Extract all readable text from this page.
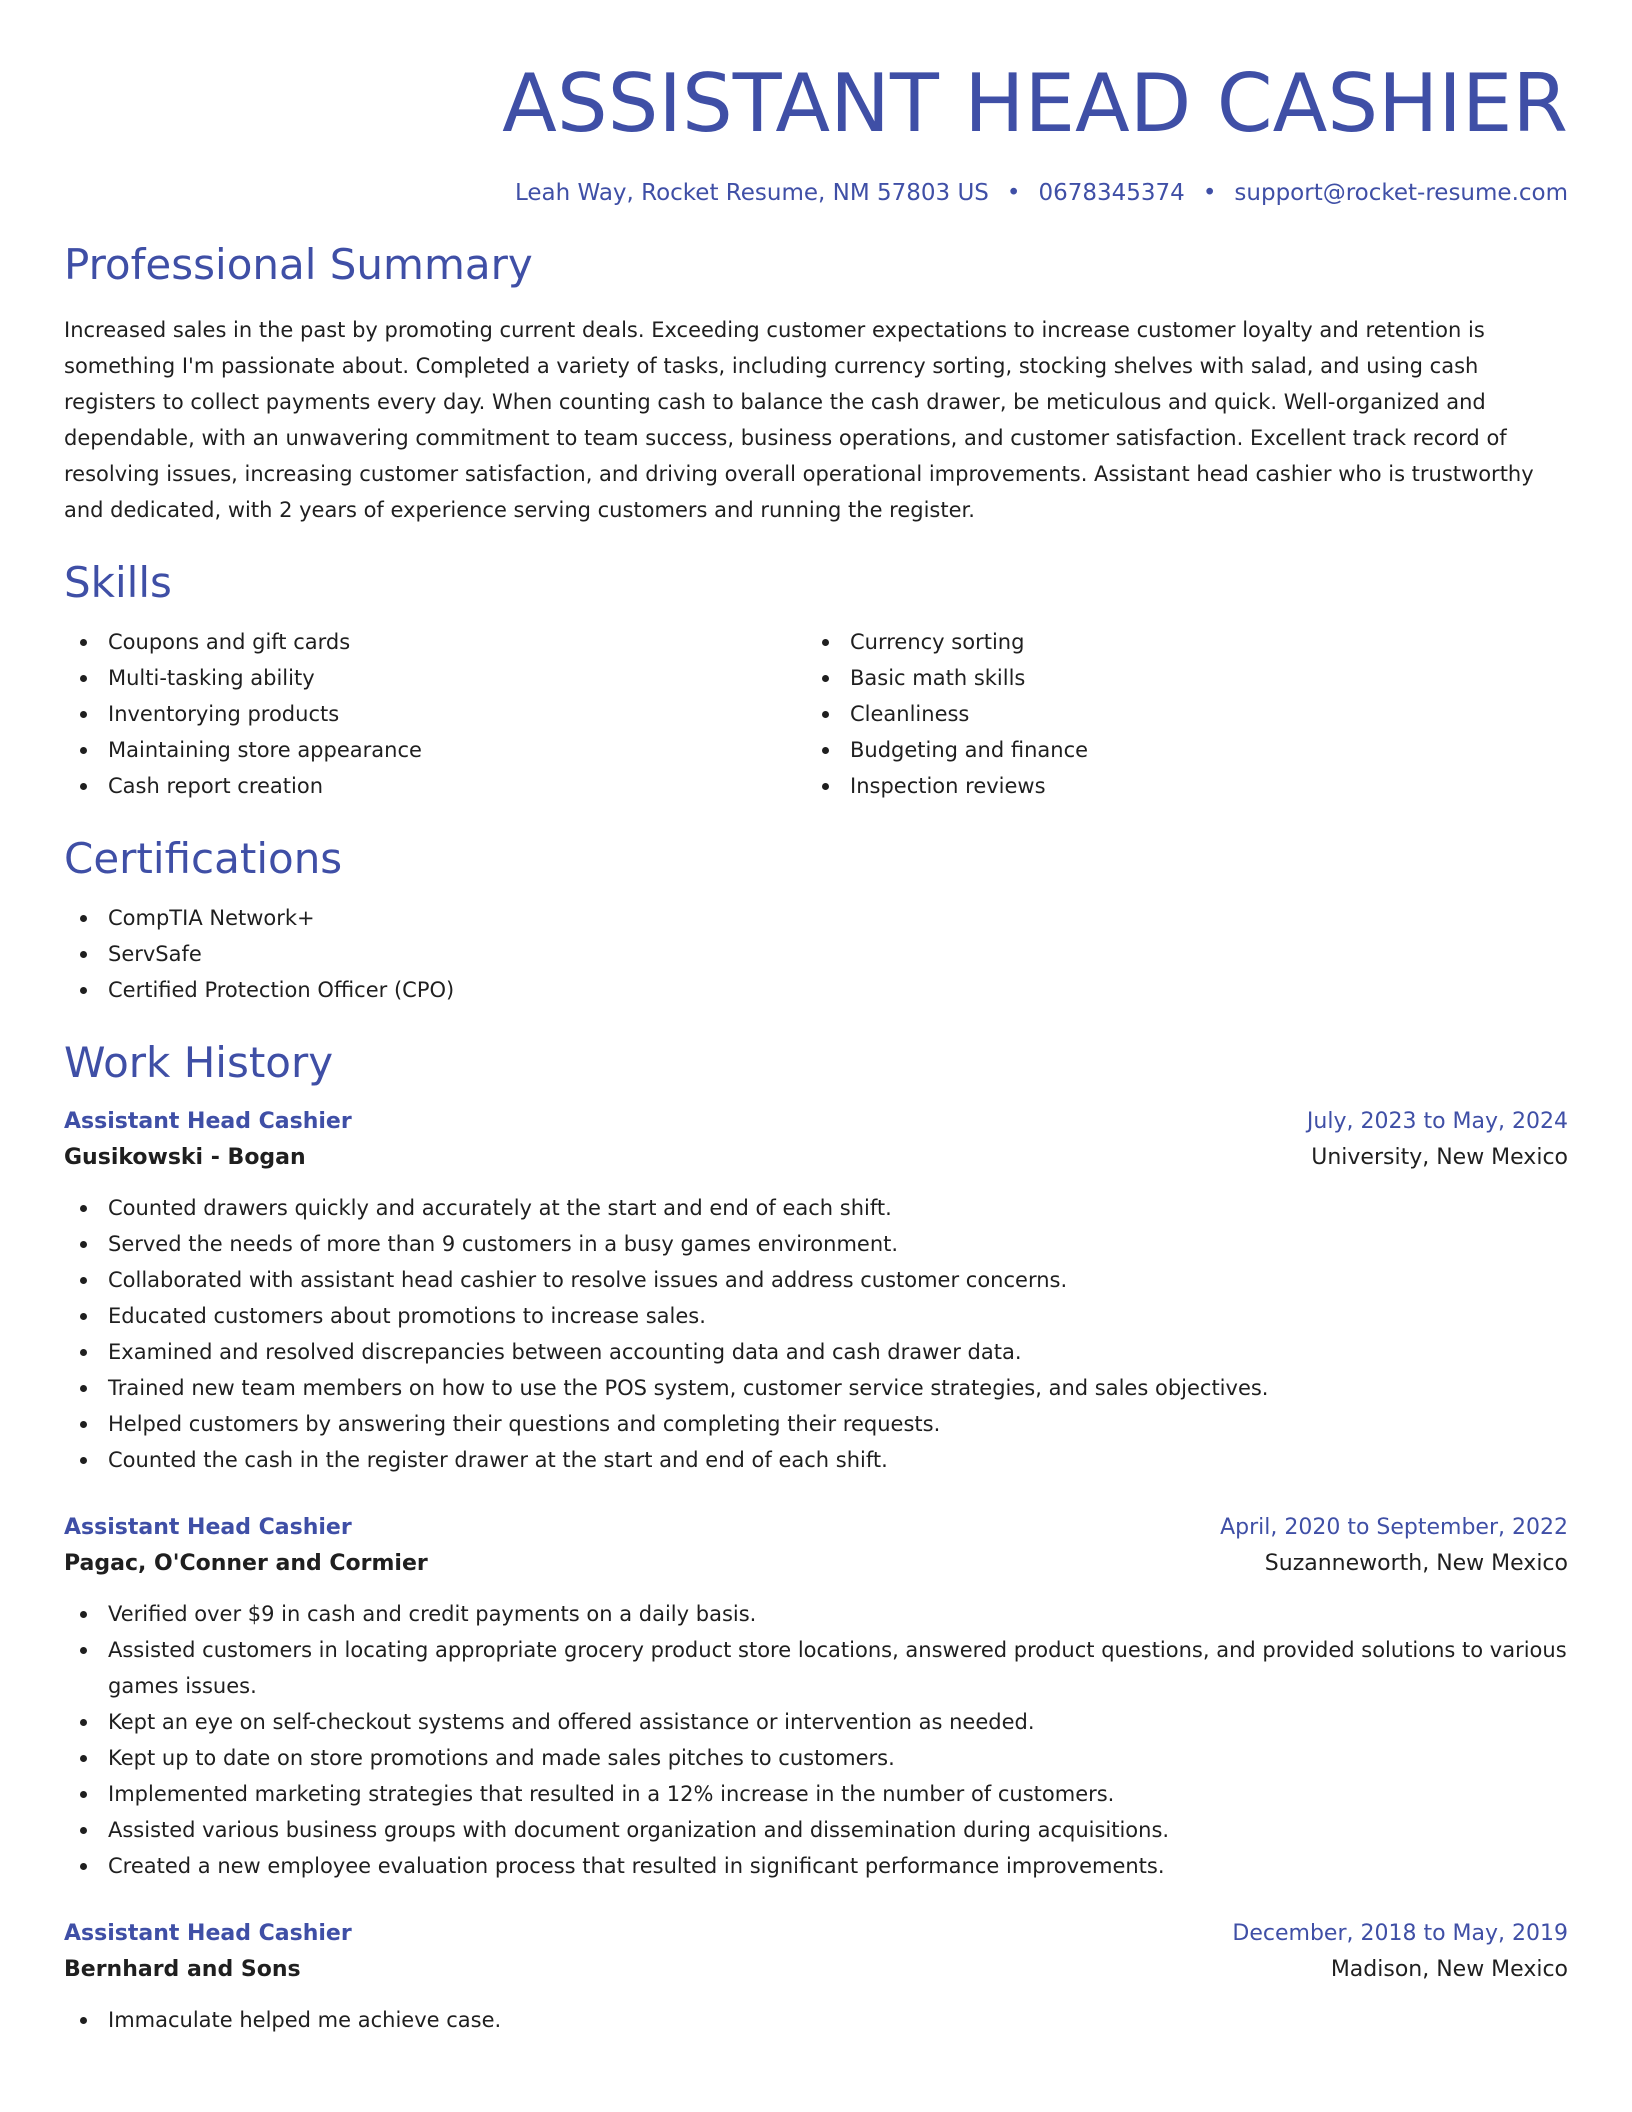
ASSISTANT HEAD CASHIER
Leah Way, Rocket Resume, NM 57803 US • 0678345374 • support@rocket-resume.com
Professional Summary

Increased sales in the past by promoting current deals. Exceeding customer expectations to increase customer loyalty and retention is something I'm passionate about. Completed a variety of tasks, including currency sorting, stocking shelves with salad, and using cash registers to collect payments every day. When counting cash to balance the cash drawer, be meticulous and quick. Well-organized and dependable, with an unwavering commitment to team success, business operations, and customer satisfaction. Excellent track record of resolving issues, increasing customer satisfaction, and driving overall operational improvements. Assistant head cashier who is trustworthy and dedicated, with 2 years of experience serving customers and running the register.

Skills
Coupons and gift cards
Multi-tasking ability
Inventorying products
Maintaining store appearance
Cash report creation
Currency sorting
Basic math skills
Cleanliness
Budgeting and finance
Inspection reviews
Certifications
CompTIA Network+
ServSafe
Certified Protection Officer (CPO)
Work History
Assistant Head Cashier	July, 2023 to May, 2024
Gusikowski - Bogan	University, New Mexico
Counted drawers quickly and accurately at the start and end of each shift.
Served the needs of more than 9 customers in a busy games environment.
Collaborated with assistant head cashier to resolve issues and address customer concerns.
Educated customers about promotions to increase sales.
Examined and resolved discrepancies between accounting data and cash drawer data.
Trained new team members on how to use the POS system, customer service strategies, and sales objectives.
Helped customers by answering their questions and completing their requests.
Counted the cash in the register drawer at the start and end of each shift.
Assistant Head Cashier	April, 2020 to September, 2022
Pagac, O'Conner and Cormier	Suzanneworth, New Mexico
Verified over $9 in cash and credit payments on a daily basis.
Assisted customers in locating appropriate grocery product store locations, answered product questions, and provided solutions to various games issues.
Kept an eye on self-checkout systems and offered assistance or intervention as needed.
Kept up to date on store promotions and made sales pitches to customers.
Implemented marketing strategies that resulted in a 12% increase in the number of customers.
Assisted various business groups with document organization and dissemination during acquisitions.
Created a new employee evaluation process that resulted in significant performance improvements.
Assistant Head Cashier	December, 2018 to May, 2019
Bernhard and Sons	Madison, New Mexico
Immaculate helped me achieve case.
